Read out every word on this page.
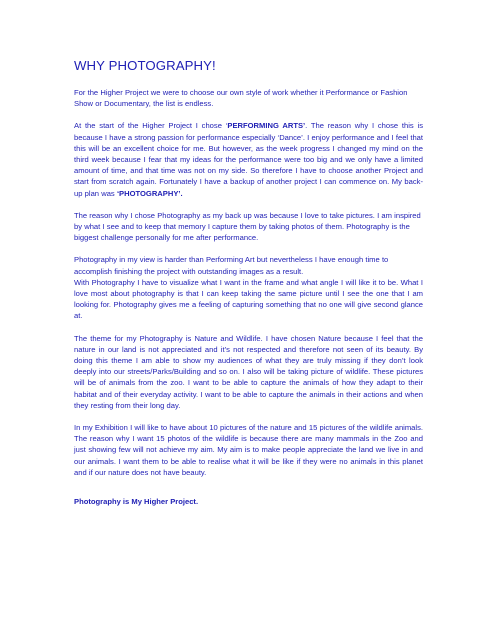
WHY PHOTOGRAPHY!

For the Higher Project we were to choose our own style of work whether it Performance or Fashion Show or Documentary, the list is endless.

At the start of the Higher Project I chose ‘PERFORMING ARTS’. The reason why I chose this is because I have a strong passion for performance especially ‘Dance’. I enjoy performance and I feel that this will be an excellent choice for me. But however, as the week progress I changed my mind on the third week because I fear that my ideas for the performance were too big and we only have a limited amount of time, and that time was not on my side. So therefore I have to choose another Project and start from scratch again. Fortunately I have a backup of another project I can commence on. My back-up plan was ‘PHOTOGRAPHY’.

The reason why I chose Photography as my back up was because I love to take pictures. I am inspired by what I see and to keep that memory I capture them by taking photos of them. Photography is the biggest challenge personally for me after performance.

Photography in my view is harder than Performing Art but nevertheless I have enough time to accomplish finishing the project with outstanding images as a result.

With Photography I have to visualize what I want in the frame and what angle I will like it to be. What I love most about photography is that I can keep taking the same picture until I see the one that I am looking for. Photography gives me a feeling of capturing something that no one will give second glance at.

The theme for my Photography is Nature and Wildlife. I have chosen Nature because I feel that the nature in our land is not appreciated and it’s not respected and therefore not seen of its beauty. By doing this theme I am able to show my audiences of what they are truly missing if they don’t look deeply into our streets/Parks/Building and so on. I also will be taking picture of wildlife. These pictures will be of animals from the zoo. I want to be able to capture the animals of how they adapt to their habitat and of their everyday activity. I want to be able to capture the animals in their actions and when they resting from their long day.

In my Exhibition I will like to have about 10 pictures of the nature and 15 pictures of the wildlife animals. The reason why I want 15 photos of the wildlife is because there are many mammals in the Zoo and just showing few will not achieve my aim. My aim is to make people appreciate the land we live in and our animals. I want them to be able to realise what it will be like if they were no animals in this planet and if our nature does not have beauty.

Photography is My Higher Project.
